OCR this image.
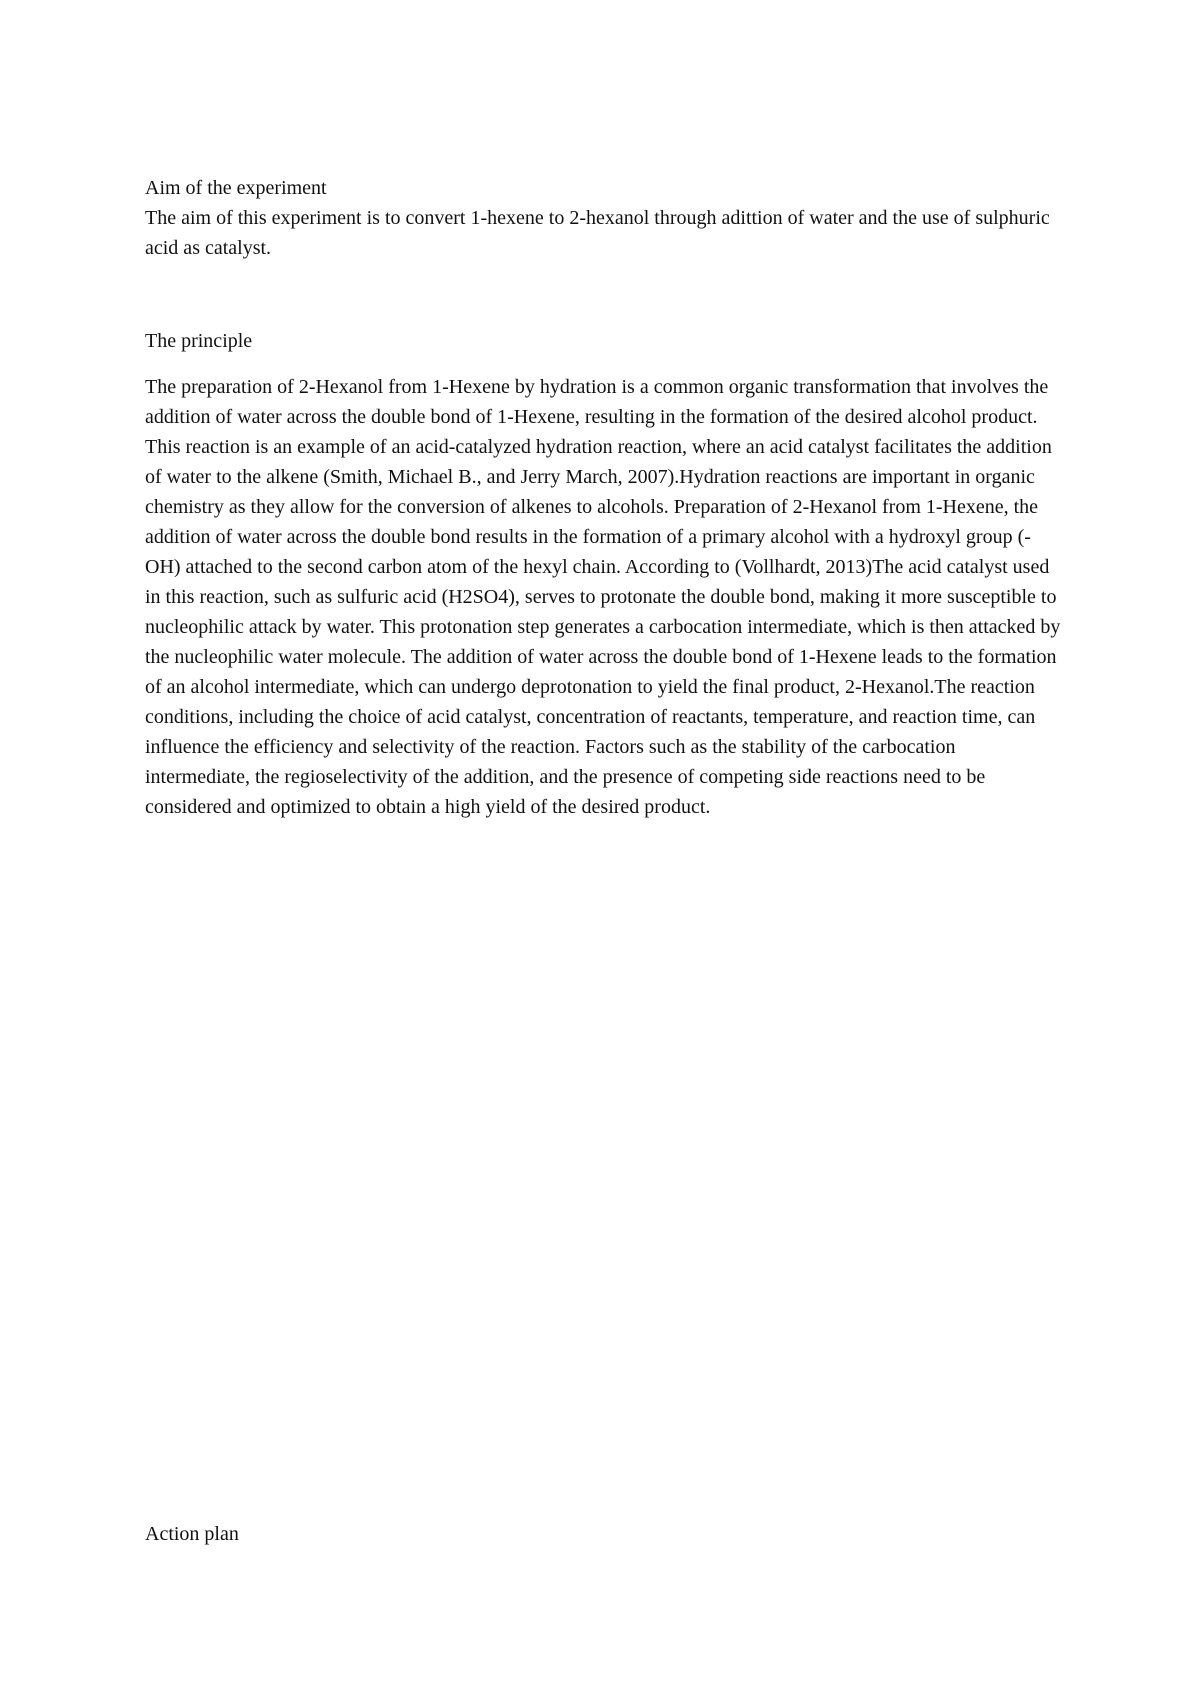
Aim of the experiment

The aim of this experiment is to convert 1-hexene to 2-hexanol through adittion of water and the use of sulphuric acid as catalyst.

The principle

The preparation of 2-Hexanol from 1-Hexene by hydration is a common organic transformation that involves the addition of water across the double bond of 1-Hexene, resulting in the formation of the desired alcohol product. This reaction is an example of an acid-catalyzed hydration reaction, where an acid catalyst facilitates the addition of water to the alkene (Smith, Michael B., and Jerry March, 2007).Hydration reactions are important in organic chemistry as they allow for the conversion of alkenes to alcohols. Preparation of 2-Hexanol from 1-Hexene, the addition of water across the double bond results in the formation of a primary alcohol with a hydroxyl group (-OH) attached to the second carbon atom of the hexyl chain. According to (Vollhardt, 2013)The acid catalyst used in this reaction, such as sulfuric acid (H2SO4), serves to protonate the double bond, making it more susceptible to nucleophilic attack by water. This protonation step generates a carbocation intermediate, which is then attacked by the nucleophilic water molecule. The addition of water across the double bond of 1-Hexene leads to the formation of an alcohol intermediate, which can undergo deprotonation to yield the final product, 2-Hexanol.The reaction conditions, including the choice of acid catalyst, concentration of reactants, temperature, and reaction time, can influence the efficiency and selectivity of the reaction. Factors such as the stability of the carbocation intermediate, the regioselectivity of the addition, and the presence of competing side reactions need to be considered and optimized to obtain a high yield of the desired product.

Action plan
